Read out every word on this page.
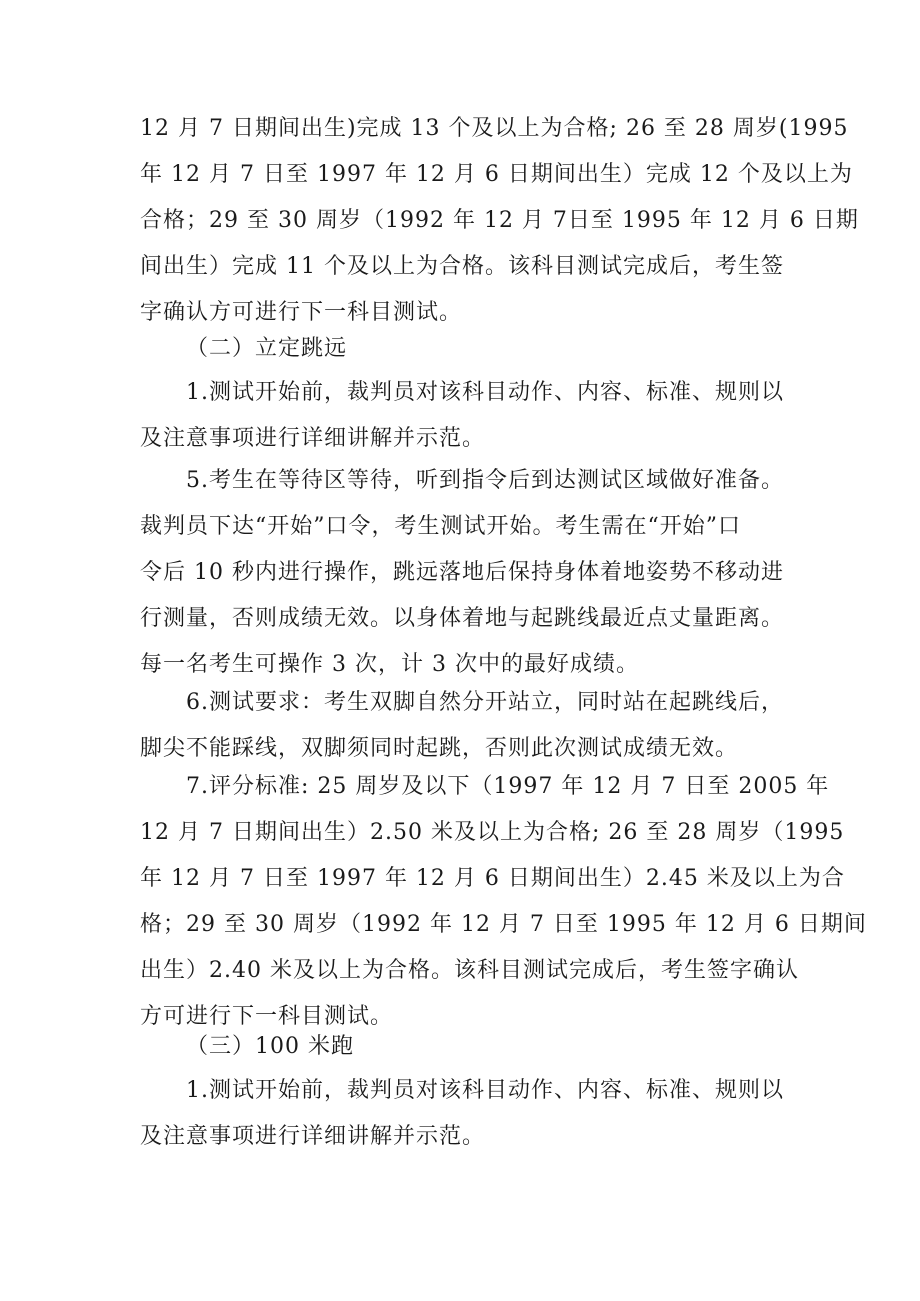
12 月 7 日期间出生)完成 13 个及以上为合格; 26 至 28 周岁(1995
年 12 月 7 日至 1997 年 12 月 6 日期间出生）完成 12 个及以上为
合格；29 至 30 周岁（1992 年 12 月 7日至 1995 年 12 月 6 日期
间出生）完成 11 个及以上为合格。该科目测试完成后，考生签
字确认方可进行下一科目测试。
（二）立定跳远
1.测试开始前，裁判员对该科目动作、内容、标准、规则以
及注意事项进行详细讲解并示范。
5.考生在等待区等待，听到指令后到达测试区域做好准备。
裁判员下达“开始”口令，考生测试开始。考生需在“开始”口
令后 10 秒内进行操作，跳远落地后保持身体着地姿势不移动进
行测量，否则成绩无效。以身体着地与起跳线最近点丈量距离。
每一名考生可操作 3 次，计 3 次中的最好成绩。
6.测试要求：考生双脚自然分开站立，同时站在起跳线后，
脚尖不能踩线，双脚须同时起跳，否则此次测试成绩无效。
7.评分标准: 25 周岁及以下（1997 年 12 月 7 日至 2005 年
12 月 7 日期间出生）2.50 米及以上为合格; 26 至 28 周岁（1995
年 12 月 7 日至 1997 年 12 月 6 日期间出生）2.45 米及以上为合
格；29 至 30 周岁（1992 年 12 月 7 日至 1995 年 12 月 6 日期间
出生）2.40 米及以上为合格。该科目测试完成后，考生签字确认
方可进行下一科目测试。
（三）100 米跑
1.测试开始前，裁判员对该科目动作、内容、标准、规则以
及注意事项进行详细讲解并示范。
